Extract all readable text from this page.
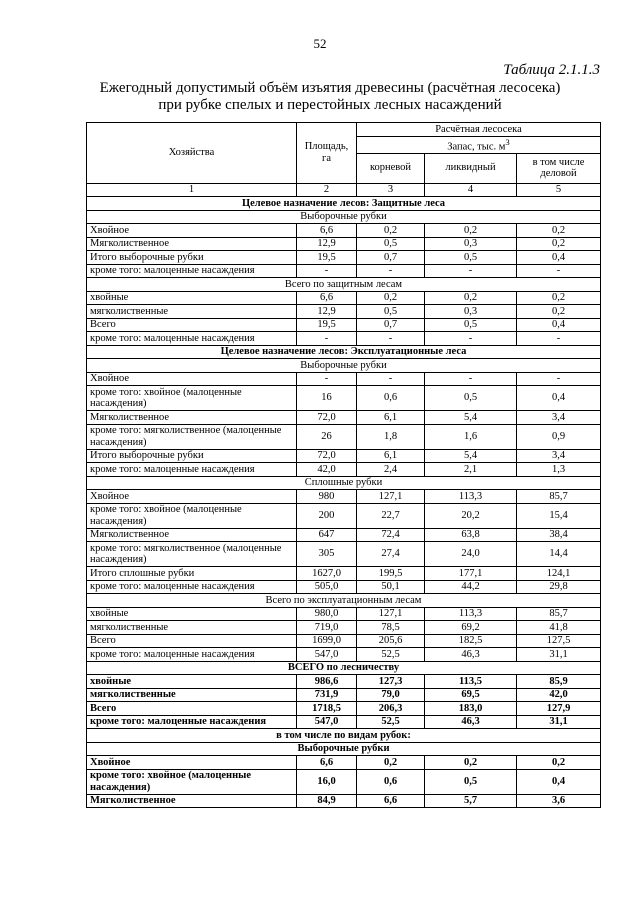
52
Таблица 2.1.1.3
Ежегодный допустимый объём изъятия древесины (расчётная лесосека)
при рубке спелых и перестойных лесных насаждений
Хозяйства	Площадь, га	Расчётная лесосека		
		Запас, тыс. $м^3$
		корневой	ликвидный	в том числе деловой
1	2	3	4	5
Целевое назначение лесов: Защитные леса				
Выборочные рубки				
Хвойное	6,6	0,2	0,2	0,2
Мягколиственное	12,9	0,5	0,3	0,2
Итого выборочные рубки	19,5	0,7	0,5	0,4
кроме того: малоценные насаждения	-	-	-	-
Всего по защитным лесам				
хвойные	6,6	0,2	0,2	0,2
мягколиственные	12,9	0,5	0,3	0,2
Всего	19,5	0,7	0,5	0,4
кроме того: малоценные насаждения	-	-	-	-
Целевое назначение лесов: Эксплуатационные леса				
Выборочные рубки				
Хвойное	-	-	-	-
кроме того: хвойное (малоценные насаждения)	16	0,6	0,5	0,4
Мягколиственное	72,0	6,1	5,4	3,4
кроме того: мягколиственное (малоценные насаждения)	26	1,8	1,6	0,9
Итого выборочные рубки	72,0	6,1	5,4	3,4
кроме того: малоценные насаждения	42,0	2,4	2,1	1,3
Сплошные рубки				
Хвойное	980	127,1	113,3	85,7
кроме того: хвойное (малоценные насаждения)	200	22,7	20,2	15,4
Мягколиственное	647	72,4	63,8	38,4
кроме того: мягколиственное (малоценные насаждения)	305	27,4	24,0	14,4
Итого сплошные рубки	1627,0	199,5	177,1	124,1
кроме того: малоценные насаждения	505,0	50,1	44,2	29,8
Всего по эксплуатационным лесам				
хвойные	980,0	127,1	113,3	85,7
мягколиственные	719,0	78,5	69,2	41,8
Всего	1699,0	205,6	182,5	127,5
кроме того: малоценные насаждения	547,0	52,5	46,3	31,1
ВСЕГО по лесничеству				
хвойные	986,6	127,3	113,5	85,9
мягколиственные	731,9	79,0	69,5	42,0
Всего	1718,5	206,3	183,0	127,9
кроме того: малоценные насаждения	547,0	52,5	46,3	31,1
в том числе по видам рубок:				
Выборочные рубки				
Хвойное	6,6	0,2	0,2	0,2
кроме того: хвойное (малоценные насаждения)	16,0	0,6	0,5	0,4
Мягколиственное	84,9	6,6	5,7	3,6
